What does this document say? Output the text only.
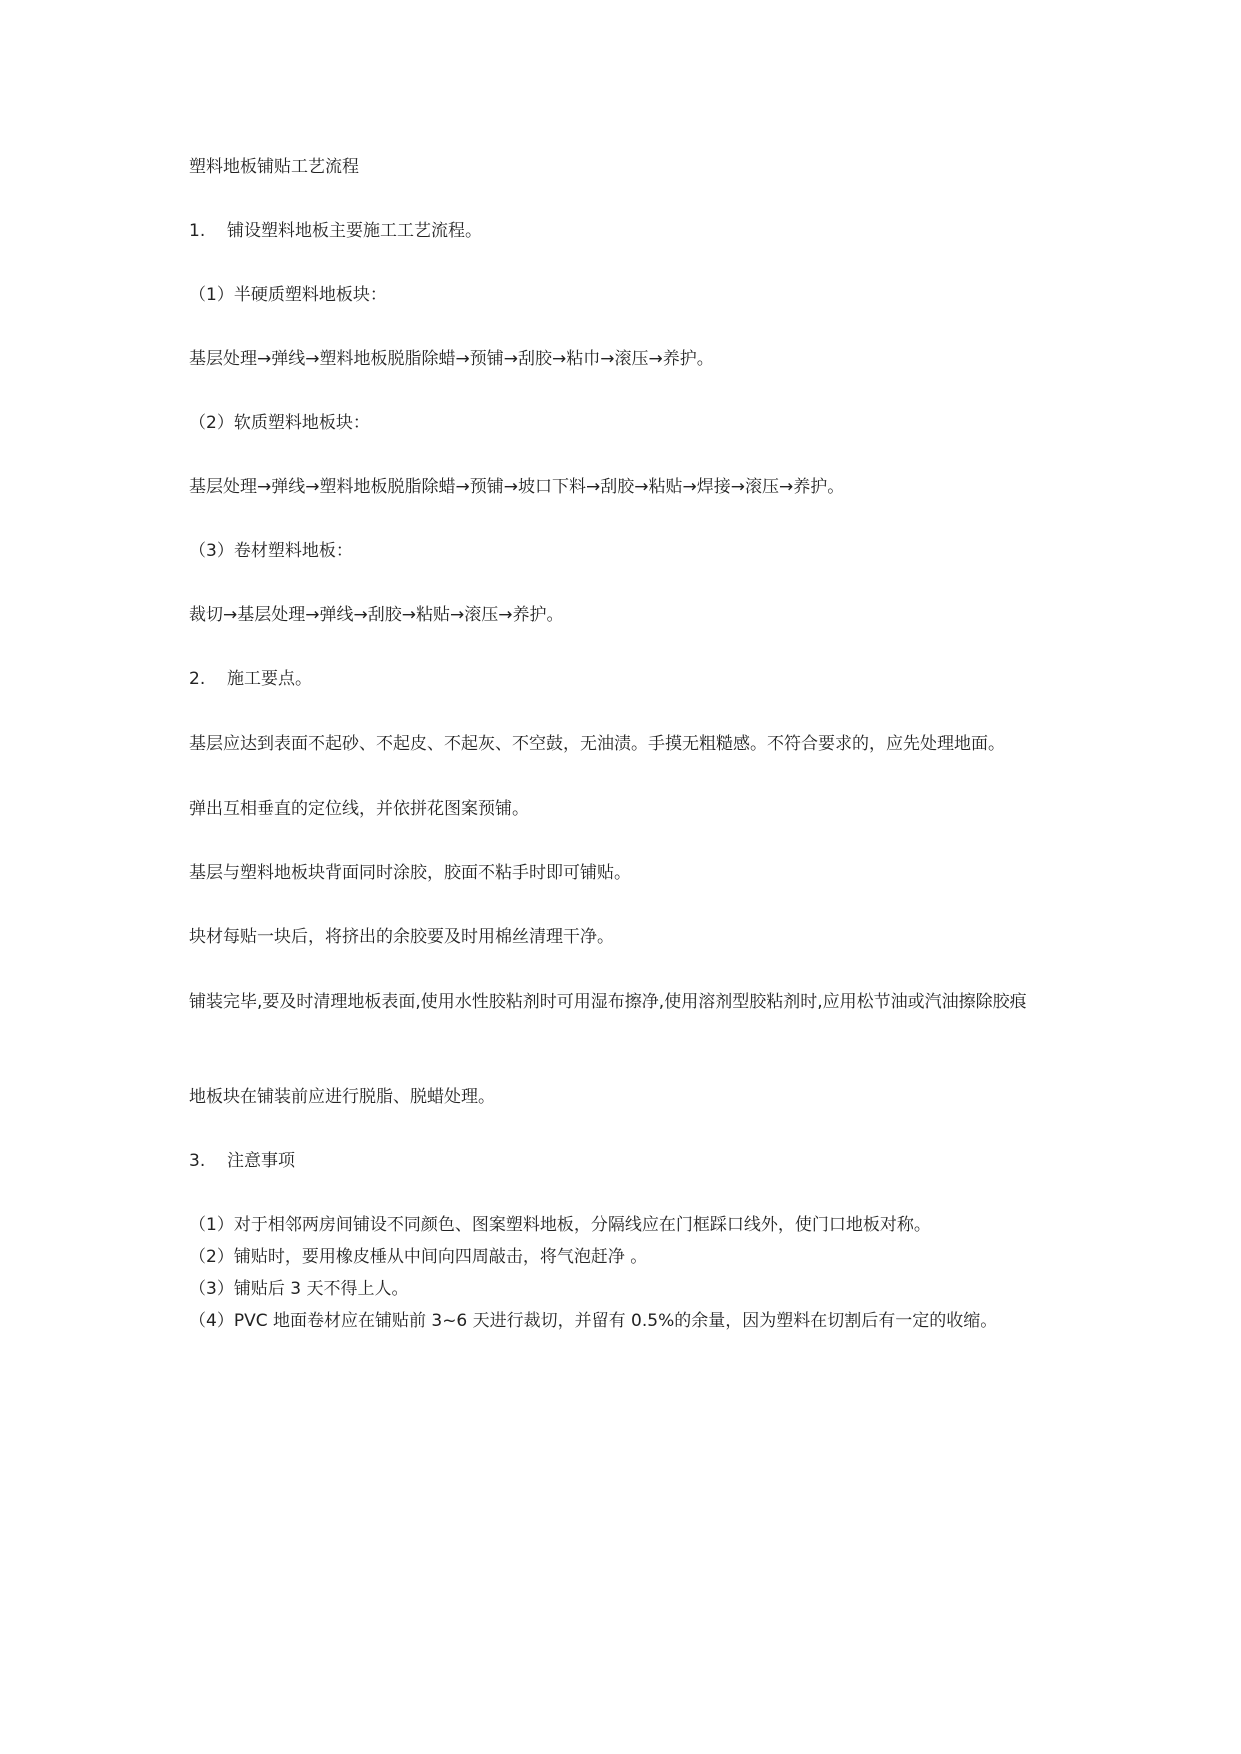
塑料地板铺贴工艺流程
1. 铺设塑料地板主要施工工艺流程。
（1）半硬质塑料地板块：
基层处理→弹线→塑料地板脱脂除蜡→预铺→刮胶→粘巾→滚压→养护。
（2）软质塑料地板块：
基层处理→弹线→塑料地板脱脂除蜡→预铺→坡口下料→刮胶→粘贴→焊接→滚压→养护。
（3）卷材塑料地板：
裁切→基层处理→弹线→刮胶→粘贴→滚压→养护。
2. 施工要点。
基层应达到表面不起砂、不起皮、不起灰、不空鼓，无油渍。手摸无粗糙感。不符合要求的，应先处理地面。
弹出互相垂直的定位线，并依拼花图案预铺。
基层与塑料地板块背面同时涂胶，胶面不粘手时即可铺贴。
块材每贴一块后，将挤出的余胶要及时用棉丝清理干净。
铺装完毕,要及时清理地板表面,使用水性胶粘剂时可用湿布擦净,使用溶剂型胶粘剂时,应用松节油或汽油擦除胶痕
地板块在铺装前应进行脱脂、脱蜡处理。
3. 注意事项
（1）对于相邻两房间铺设不同颜色、图案塑料地板，分隔线应在门框踩口线外，使门口地板对称。
（2）铺贴时，要用橡皮棰从中间向四周敲击，将气泡赶净 。
（3）铺贴后 3 天不得上人。
（4）PVC 地面卷材应在铺贴前 3~6 天进行裁切，并留有 0.5%的余量，因为塑料在切割后有一定的收缩。
